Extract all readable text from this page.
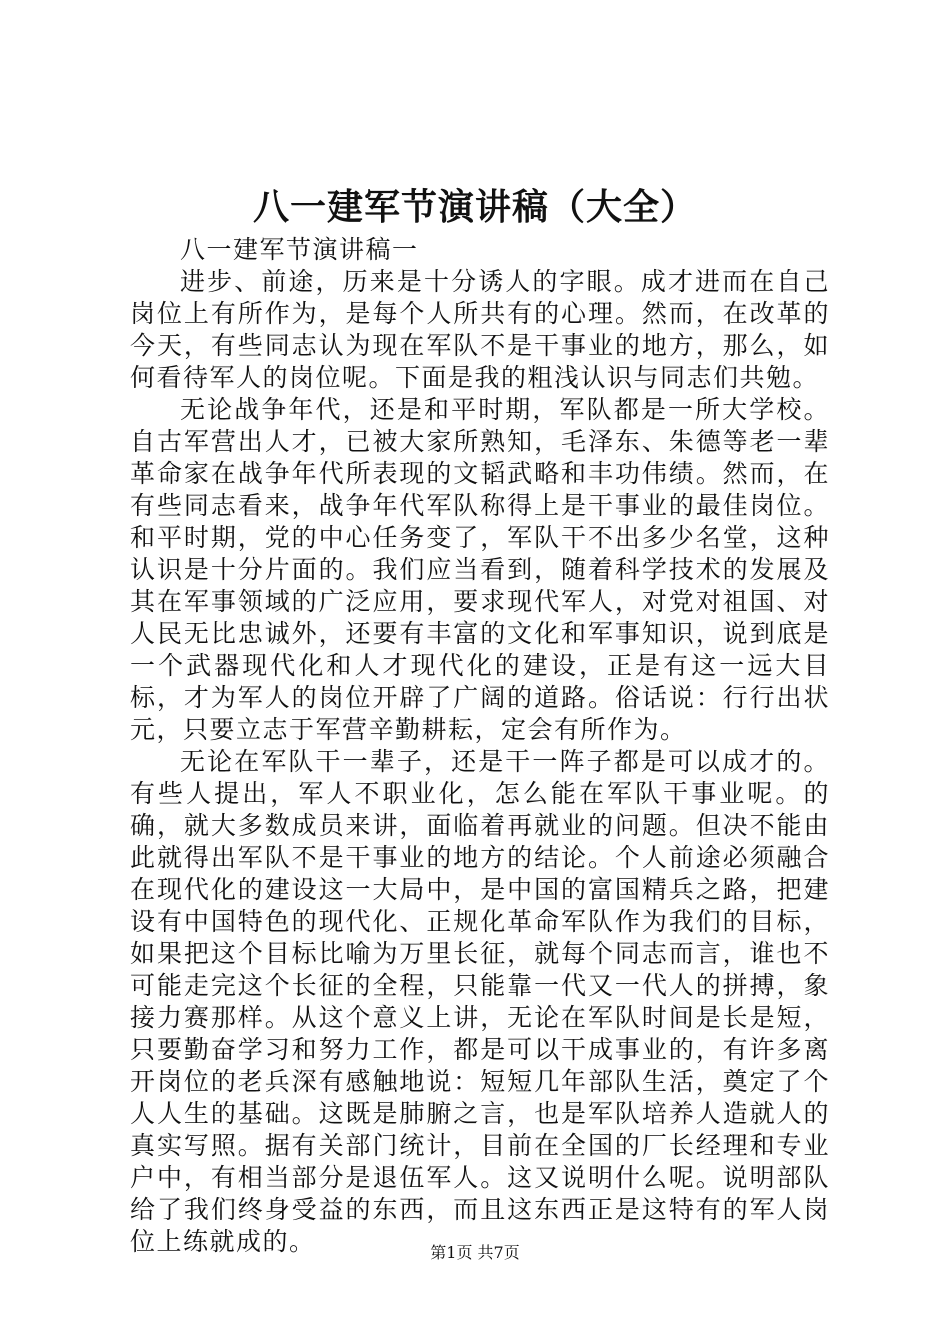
八一建军节演讲稿（大全）

八一建军节演讲稿一

进步、前途，历来是十分诱人的字眼。成才进而在自己岗位上有所作为，是每个人所共有的心理。然而，在改革的今天，有些同志认为现在军队不是干事业的地方，那么，如何看待军人的岗位呢。下面是我的粗浅认识与同志们共勉。

无论战争年代，还是和平时期，军队都是一所大学校。自古军营出人才，已被大家所熟知，毛泽东、朱德等老一辈革命家在战争年代所表现的文韬武略和丰功伟绩。然而，在有些同志看来，战争年代军队称得上是干事业的最佳岗位。和平时期，党的中心任务变了，军队干不出多少名堂，这种认识是十分片面的。我们应当看到，随着科学技术的发展及其在军事领域的广泛应用，要求现代军人，对党对祖国、对人民无比忠诚外，还要有丰富的文化和军事知识，说到底是一个武器现代化和人才现代化的建设，正是有这一远大目标，才为军人的岗位开辟了广阔的道路。俗话说：行行出状元，只要立志于军营辛勤耕耘，定会有所作为。

无论在军队干一辈子，还是干一阵子都是可以成才的。有些人提出，军人不职业化，怎么能在军队干事业呢。的确，就大多数成员来讲，面临着再就业的问题。但决不能由此就得出军队不是干事业的地方的结论。个人前途必须融合在现代化的建设这一大局中，是中国的富国精兵之路，把建设有中国特色的现代化、正规化革命军队作为我们的目标，如果把这个目标比喻为万里长征，就每个同志而言，谁也不可能走完这个长征的全程，只能靠一代又一代人的拼搏，象接力赛那样。从这个意义上讲，无论在军队时间是长是短，只要勤奋学习和努力工作，都是可以干成事业的，有许多离开岗位的老兵深有感触地说：短短几年部队生活，奠定了个人人生的基础。这既是肺腑之言，也是军队培养人造就人的真实写照。据有关部门统计，目前在全国的厂长经理和专业户中，有相当部分是退伍军人。这又说明什么呢。说明部队给了我们终身受益的东西，而且这东西正是这特有的军人岗位上练就成的。	第1页 共7页
